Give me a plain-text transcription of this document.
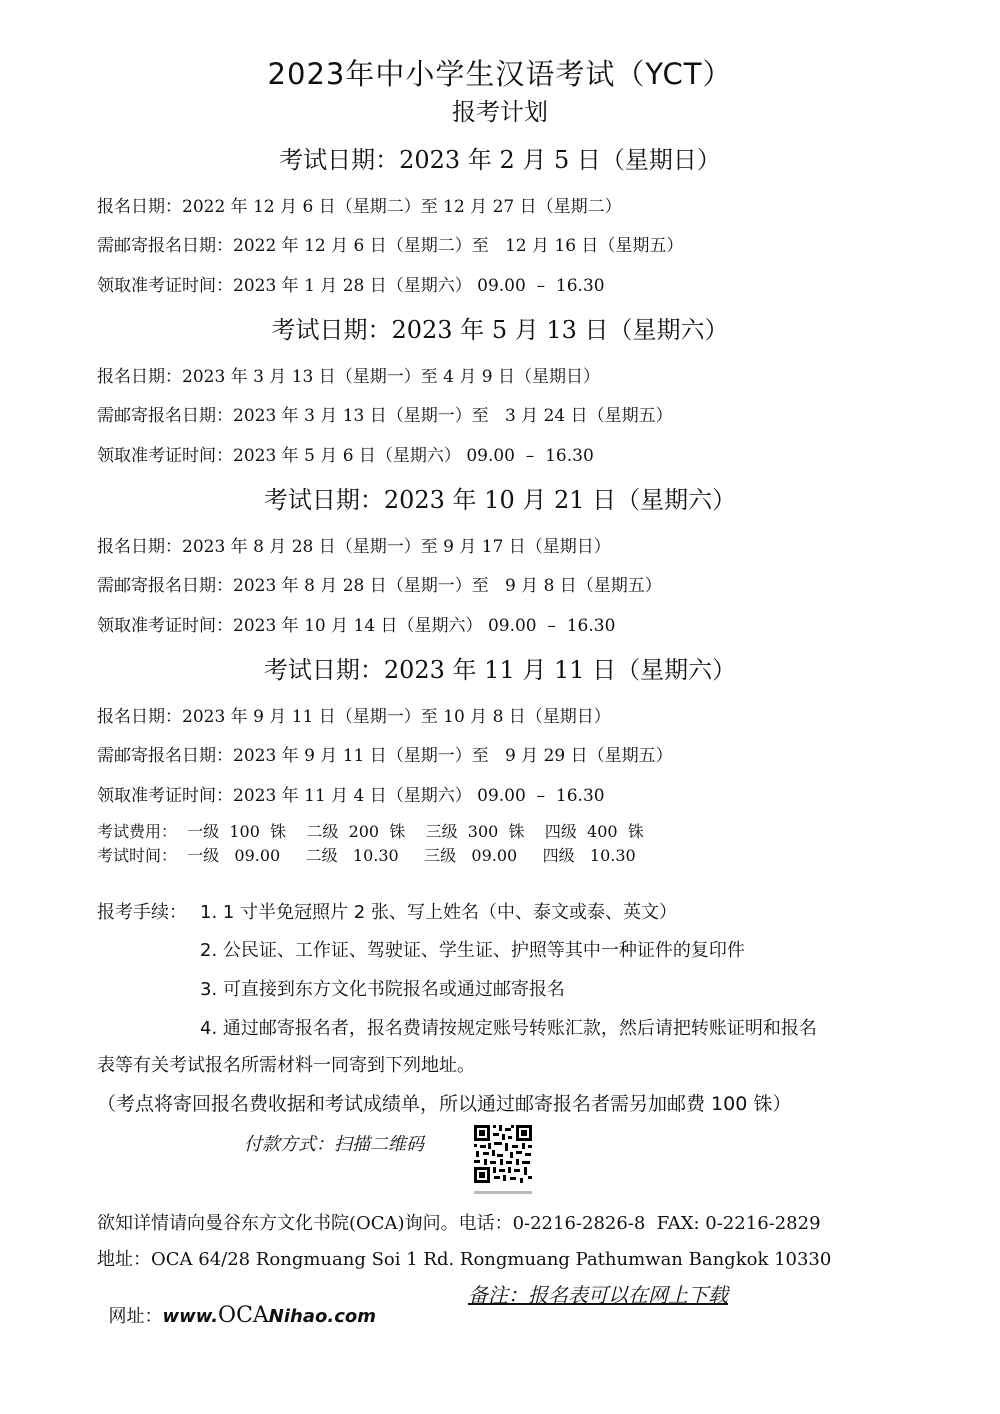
2023年中小学生汉语考试（YCT）
报考计划
考试日期：2023 年 2 月 5 日（星期日）
报名日期：2022 年 12 月 6 日（星期二）至 12 月 27 日（星期二）
需邮寄报名日期：2022 年 12 月 6 日（星期二）至   12 月 16 日（星期五）
领取准考证时间：2023 年 1 月 28 日（星期六） 09.00  –  16.30
考试日期：2023 年 5 月 13 日（星期六）
报名日期：2023 年 3 月 13 日（星期一）至 4 月 9 日（星期日）
需邮寄报名日期：2023 年 3 月 13 日（星期一）至   3 月 24 日（星期五）
领取准考证时间：2023 年 5 月 6 日（星期六） 09.00  –  16.30
考试日期：2023 年 10 月 21 日（星期六）
报名日期：2023 年 8 月 28 日（星期一）至 9 月 17 日（星期日）
需邮寄报名日期：2023 年 8 月 28 日（星期一）至   9 月 8 日（星期五）
领取准考证时间：2023 年 10 月 14 日（星期六） 09.00  –  16.30
考试日期：2023 年 11 月 11 日（星期六）
报名日期：2023 年 9 月 11 日（星期一）至 10 月 8 日（星期日）
需邮寄报名日期：2023 年 9 月 11 日（星期一）至   9 月 29 日（星期五）
领取准考证时间：2023 年 11 月 4 日（星期六） 09.00  –  16.30
考试费用：  一级  100  铢    二级  200  铢    三级  300  铢    四级  400  铢
考试时间：  一级   09.00     二级   10.30     三级   09.00     四级   10.30
报考手续： 1. 1 寸半免冠照片 2 张、写上姓名（中、泰文或泰、英文）
2. 公民证、工作证、驾驶证、学生证、护照等其中一种证件的复印件
3. 可直接到东方文化书院报名或通过邮寄报名
4. 通过邮寄报名者，报名费请按规定账号转账汇款，然后请把转账证明和报名
表等有关考试报名所需材料一同寄到下列地址。
（考点将寄回报名费收据和考试成绩单，所以通过邮寄报名者需另加邮费 100 铢）
付款方式：扫描二维码
欲知详情请向曼谷东方文化书院(OCA)询问。电话：0-2216-2826-8  FAX: 0-2216-2829
地址：OCA 64/28 Rongmuang Soi 1 Rd. Rongmuang Pathumwan Bangkok 10330

网址：www.OCANihao.com

备注：报名表可以在网上下载
